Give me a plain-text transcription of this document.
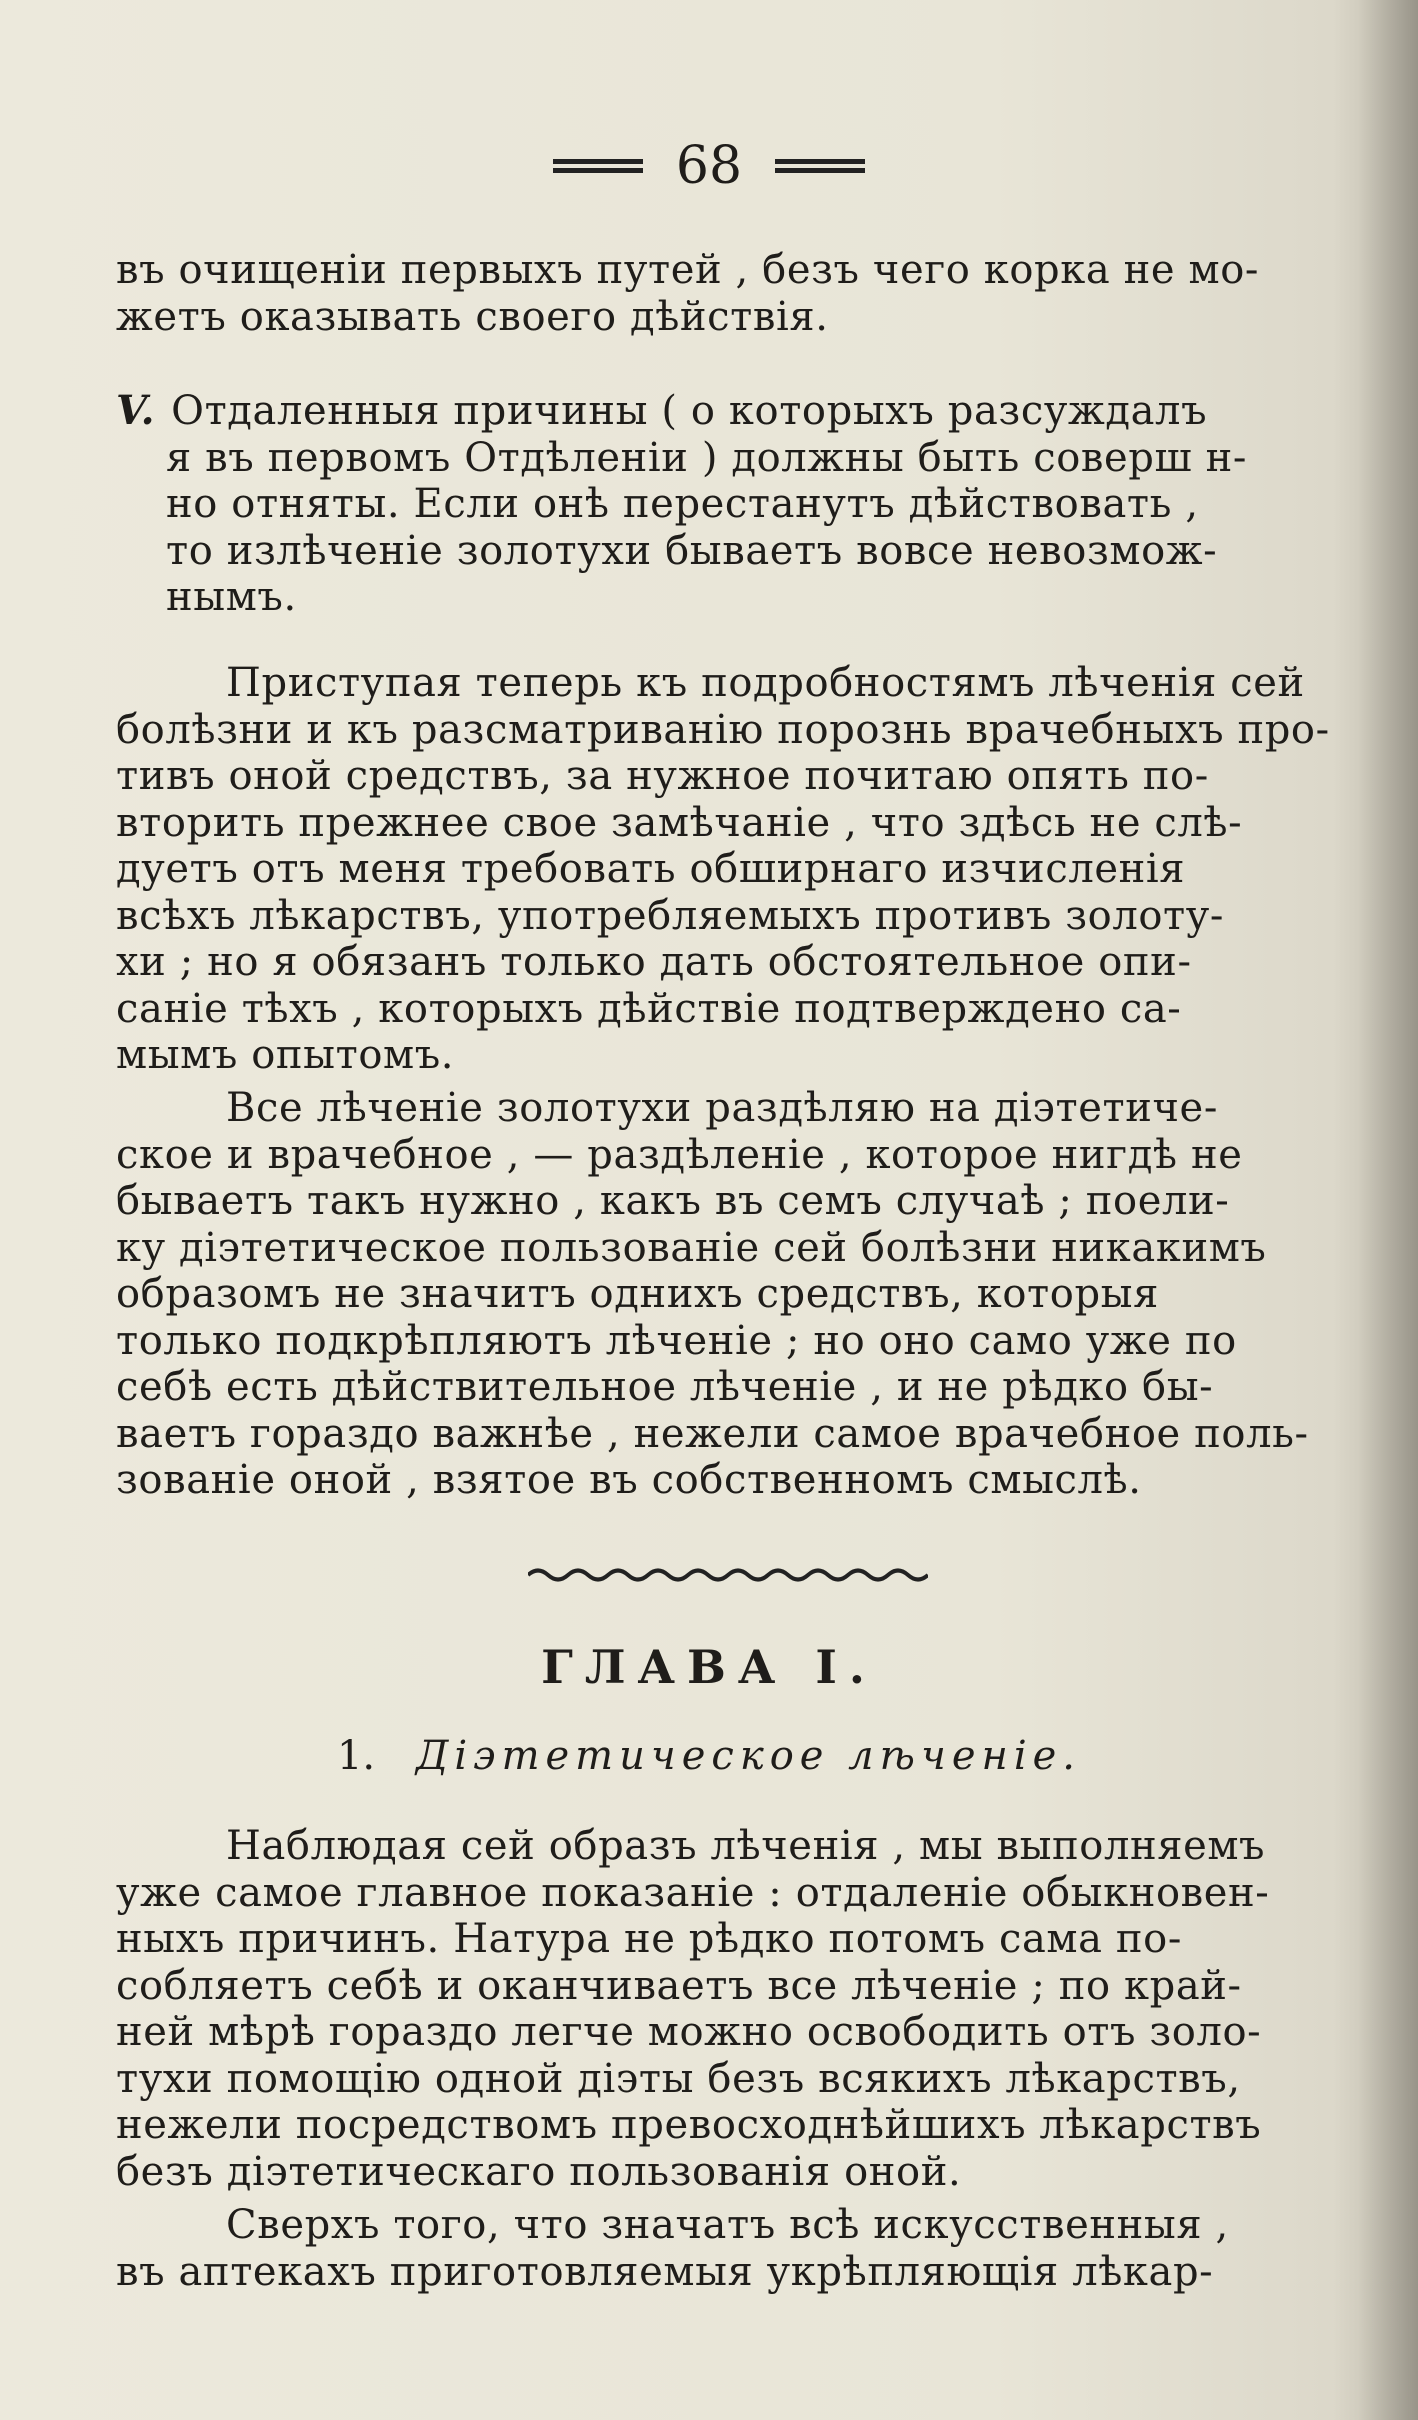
68
въ очищеніи первыхъ путей , безъ чего корка не мо-
жетъ оказывать своего дѣйствія.
V. Отдаленныя причины ( о которыхъ разсуждалъ
я въ первомъ Отдѣленіи ) должны быть соверш н-
но отняты. Если онѣ перестанутъ дѣйствовать ,
то излѣченіе золотухи бываетъ вовсе невозмож-
нымъ.
Приступая теперь къ подробностямъ лѣченія сей
болѣзни и къ разсматриванію порознь врачебныхъ про-
тивъ оной средствъ, за нужное почитаю опять по-
вторить прежнее свое замѣчаніе , что здѣсь не слѣ-
дуетъ отъ меня требовать обширнаго изчисленія
всѣхъ лѣкарствъ, употребляемыхъ противъ золоту-
хи ; но я обязанъ только дать обстоятельное опи-
саніе тѣхъ , которыхъ дѣйствіе подтверждено са-
мымъ опытомъ.
Все лѣченіе золотухи раздѣляю на діэтетиче-
ское и врачебное , — раздѣленіе , которое нигдѣ не
бываетъ такъ нужно , какъ въ семъ случаѣ ; поели-
ку діэтетическое пользованіе сей болѣзни никакимъ
образомъ не значитъ однихъ средствъ, которыя
только подкрѣпляютъ лѣченіе ; но оно само уже по
себѣ есть дѣйствительное лѣченіе , и не рѣдко бы-
ваетъ гораздо важнѣе , нежели самое врачебное поль-
зованіе оной , взятое въ собственномъ смыслѣ.
ГЛАВА I.
1. Діэтетическое лѣченіе.
Наблюдая сей образъ лѣченія , мы выполняемъ
уже самое главное показаніе : отдаленіе обыкновен-
ныхъ причинъ. Натура не рѣдко потомъ сама по-
собляетъ себѣ и оканчиваетъ все лѣченіе ; по край-
ней мѣрѣ гораздо легче можно освободить отъ золо-
тухи помощію одной діэты безъ всякихъ лѣкарствъ,
нежели посредствомъ превосходнѣйшихъ лѣкарствъ
безъ діэтетическаго пользованія оной.
Сверхъ того, что значатъ всѣ искусственныя ,
въ аптекахъ приготовляемыя укрѣпляющія лѣкар-
